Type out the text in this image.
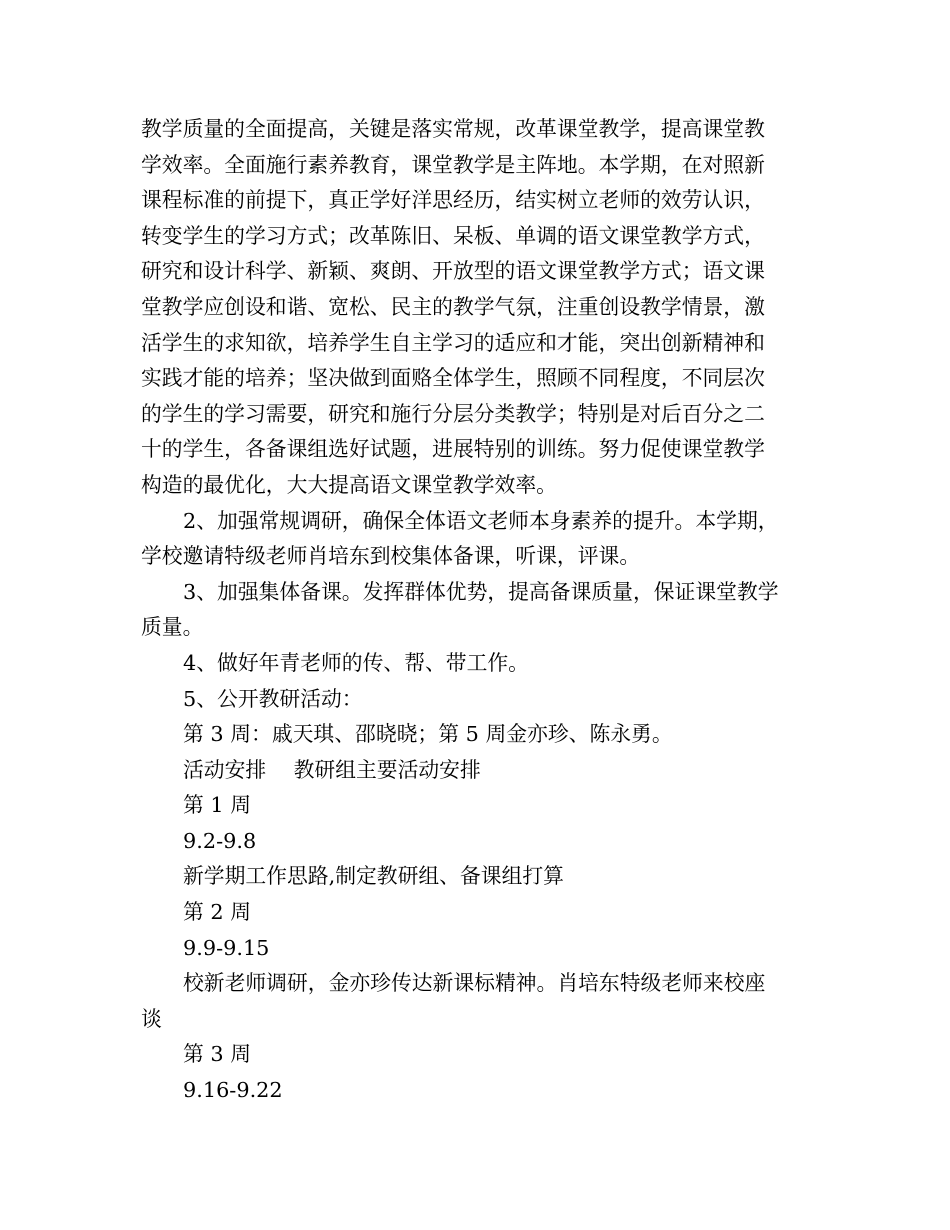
教学质量的全面提高，关键是落实常规，改革课堂教学，提高课堂教
学效率。全面施行素养教育，课堂教学是主阵地。本学期，在对照新
课程标准的前提下，真正学好洋思经历，结实树立老师的效劳认识，
转变学生的学习方式；改革陈旧、呆板、单调的语文课堂教学方式，
研究和设计科学、新颖、爽朗、开放型的语文课堂教学方式；语文课
堂教学应创设和谐、宽松、民主的教学气氛，注重创设教学情景，激
活学生的求知欲，培养学生自主学习的适应和才能，突出创新精神和
实践才能的培养；坚决做到面赂全体学生，照顾不同程度，不同层次
的学生的学习需要，研究和施行分层分类教学；特别是对后百分之二
十的学生，各备课组选好试题，进展特别的训练。努力促使课堂教学
构造的最优化，大大提高语文课堂教学效率。

2、加强常规调研，确保全体语文老师本身素养的提升。本学期，

学校邀请特级老师肖培东到校集体备课，听课，评课。

3、加强集体备课。发挥群体优势，提高备课质量，保证课堂教学

质量。

4、做好年青老师的传、帮、带工作。

5、公开教研活动：

第 3 周：戚天琪、邵晓晓；第 5 周金亦珍、陈永勇。

活动安排　 教研组主要活动安排

第 1 周

9.2-9.8

新学期工作思路,制定教研组、备课组打算

第 2 周

9.9-9.15

校新老师调研，金亦珍传达新课标精神。肖培东特级老师来校座

谈

第 3 周

9.16-9.22
